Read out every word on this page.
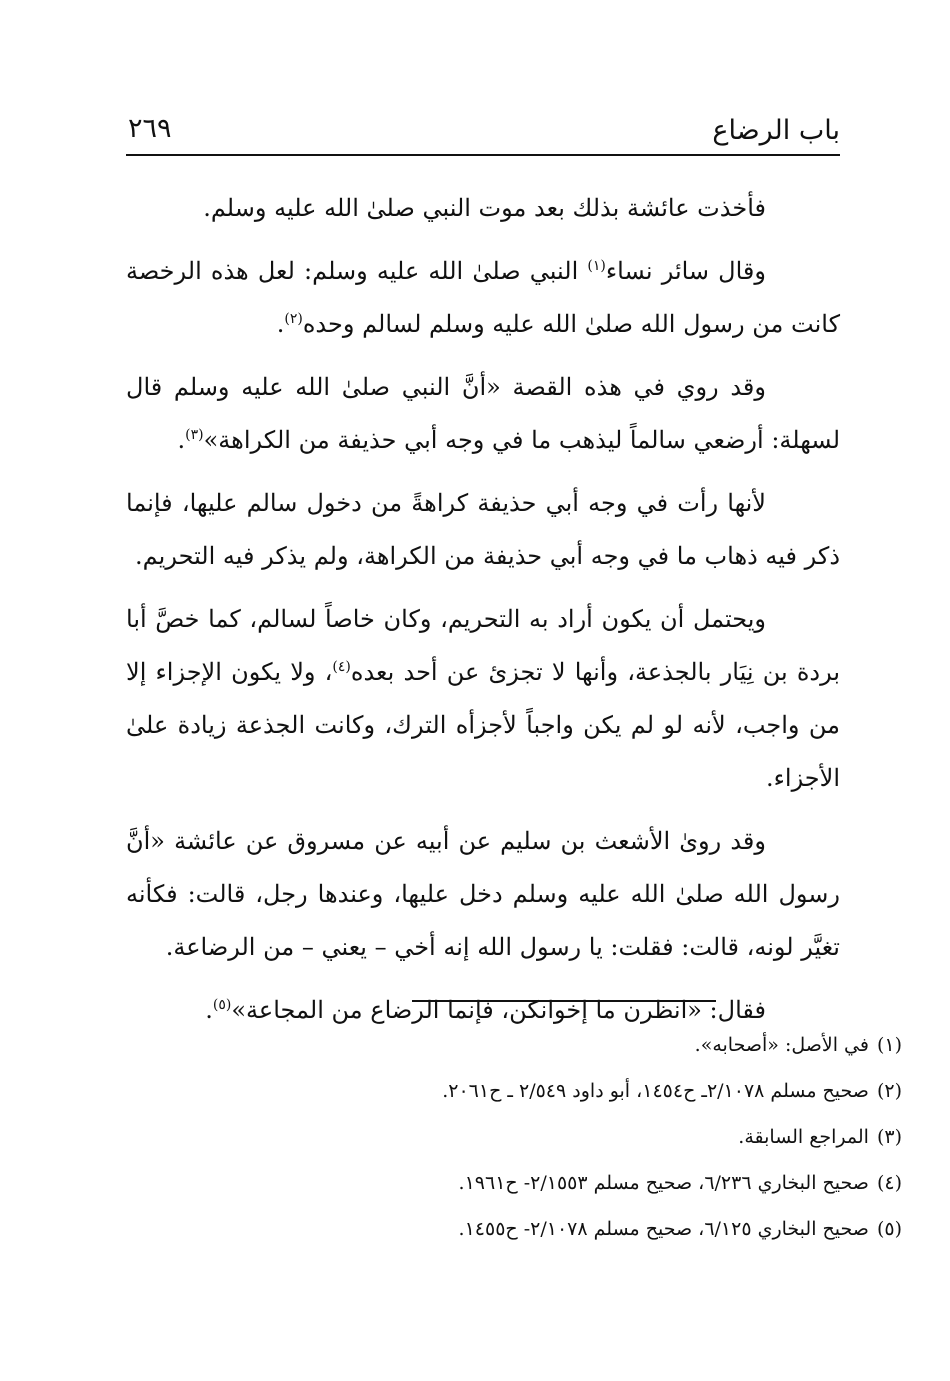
باب الرضاع
٢٦٩

فأخذت عائشة بذلك بعد موت النبي صلىٰ الله عليه وسلم.

وقال سائر نساء$^{(١)}$ النبي صلىٰ الله عليه وسلم: لعل هذه الرخصة كانت من رسول الله صلىٰ الله عليه وسلم لسالم وحده$^{(٢)}$.

وقد روي في هذه القصة «أنَّ النبي صلىٰ الله عليه وسلم قال لسهلة: أرضعي سالماً ليذهب ما في وجه أبي حذيفة من الكراهة»$^{(٣)}$.

لأنها رأت في وجه أبي حذيفة كراهةً من دخول سالم عليها، فإنما ذكر فيه ذهاب ما في وجه أبي حذيفة من الكراهة، ولم يذكر فيه التحريم.

ويحتمل أن يكون أراد به التحريم، وكان خاصاً لسالم، كما خصَّ أبا بردة بن نِيَار بالجذعة، وأنها لا تجزئ عن أحد بعده$^{(٤)}$، ولا يكون الإجزاء إلا من واجب، لأنه لو لم يكن واجباً لأجزأه الترك، وكانت الجذعة زيادة علىٰ الأجزاء.

وقد روىٰ الأشعث بن سليم عن أبيه عن مسروق عن عائشة «أنَّ رسول الله صلىٰ الله عليه وسلم دخل عليها، وعندها رجل، قالت: فكأنه تغيَّر لونه، قالت: فقلت: يا رسول الله إنه أخي – يعني – من الرضاعة.

فقال: «انظرن ما إخوانكن، فإنما الرضاع من المجاعة»$^{(٥)}$.

(١)في الأصل: «أصحابه».
(٢)صحيح مسلم ٢/١٠٧٨ـ ح١٤٥٤، أبو داود ٢/٥٤٩ ـ ح٢٠٦١.
(٣)المراجع السابقة.
(٤)صحيح البخاري ٦/٢٣٦، صحيح مسلم ٢/١٥٥٣- ح١٩٦١.
(٥)صحيح البخاري ٦/١٢٥، صحيح مسلم ٢/١٠٧٨- ح١٤٥٥.
